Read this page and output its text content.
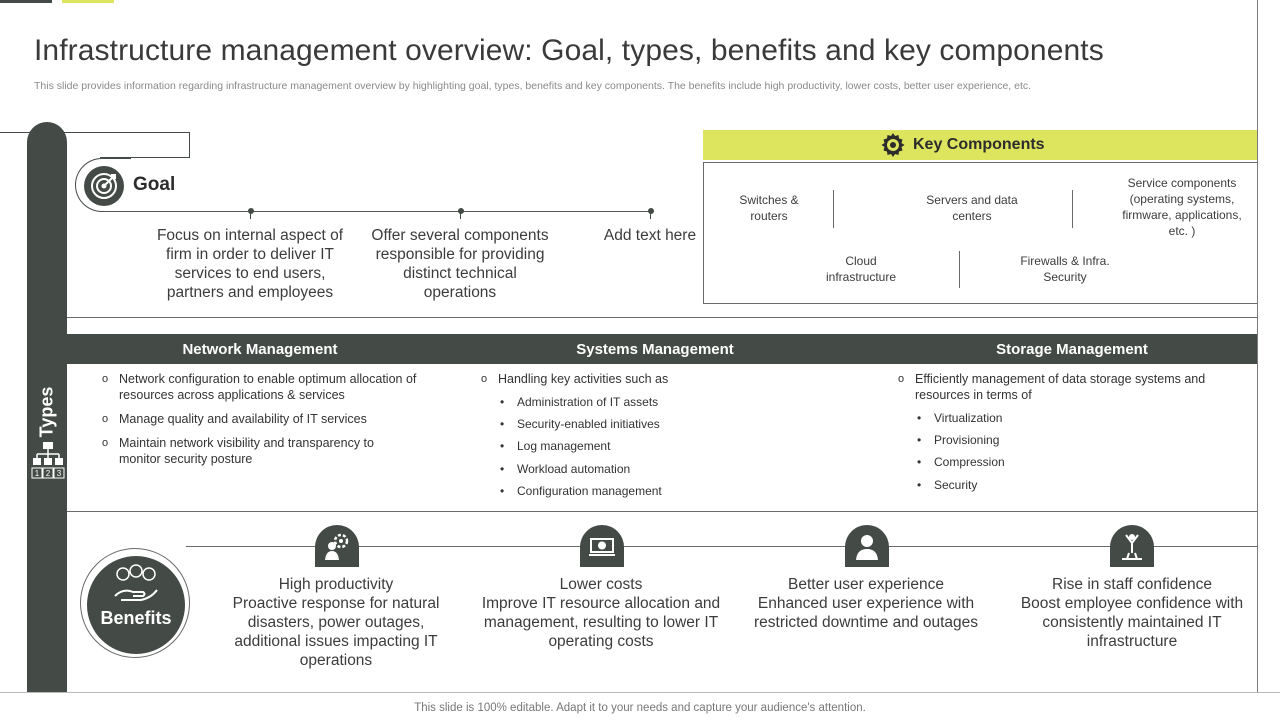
Infrastructure management overview: Goal, types, benefits and key components
This slide provides information regarding infrastructure management overview by highlighting goal, types, benefits and key components. The benefits include high productivity, lower costs, better user experience, etc.
Types
1 2 3
Goal
Focus on internal aspect of firm in order to deliver IT services to end users, partners and employees
Offer several components responsible for providing distinct technical operations
Add text here
Key Components
Switches & routers
Servers and data centers
Service components (operating systems, firmware, applications, etc. )
Cloud infrastructure
Firewalls & Infra. Security
Network Management	Systems Management	Storage Management
o Network configuration to enable optimum allocation of resources across applications & services
o Manage quality and availability of IT services
o Maintain network visibility and transparency to monitor security posture
o Handling key activities such as
• Administration of IT assets
• Security-enabled initiatives
• Log management
• Workload automation
• Configuration management
o Efficiently management of data storage systems and resources in terms of
• Virtualization
• Provisioning
• Compression
• Security
Benefits
High productivity
Proactive response for natural disasters, power outages, additional issues impacting IT operations
Lower costs
Improve IT resource allocation and management, resulting to lower IT operating costs
Better user experience
Enhanced user experience with restricted downtime and outages
Rise in staff confidence
Boost employee confidence with consistently maintained IT infrastructure
This slide is 100% editable. Adapt it to your needs and capture your audience's attention.
